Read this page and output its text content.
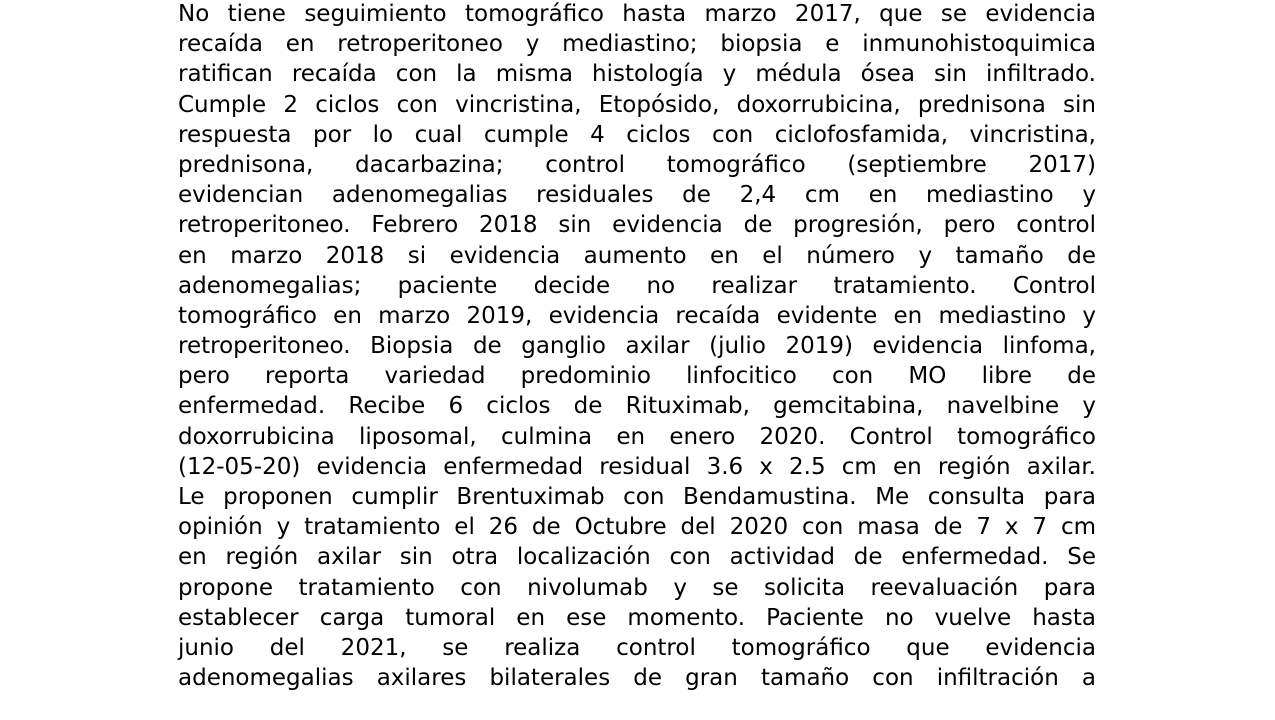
No tiene seguimiento tomográfico hasta marzo 2017, que se evidencia
recaída en retroperitoneo y mediastino; biopsia e inmunohistoquimica
ratifican recaída con la misma histología y médula ósea sin infiltrado.
Cumple 2 ciclos con vincristina, Etopósido, doxorrubicina, prednisona sin
respuesta por lo cual cumple 4 ciclos con ciclofosfamida, vincristina,
prednisona, dacarbazina; control tomográfico (septiembre 2017)
evidencian adenomegalias residuales de 2,4 cm en mediastino y
retroperitoneo. Febrero 2018 sin evidencia de progresión, pero control
en marzo 2018 si evidencia aumento en el número y tamaño de
adenomegalias; paciente decide no realizar tratamiento. Control
tomográfico en marzo 2019, evidencia recaída evidente en mediastino y
retroperitoneo. Biopsia de ganglio axilar (julio 2019) evidencia linfoma,
pero reporta variedad predominio linfocitico con MO libre de
enfermedad. Recibe 6 ciclos de Rituximab, gemcitabina, navelbine y
doxorrubicina liposomal, culmina en enero 2020. Control tomográfico
(12-05-20) evidencia enfermedad residual 3.6 x 2.5 cm en región axilar.
Le proponen cumplir Brentuximab con Bendamustina. Me consulta para
opinión y tratamiento el 26 de Octubre del 2020 con masa de 7 x 7 cm
en región axilar sin otra localización con actividad de enfermedad. Se
propone tratamiento con nivolumab y se solicita reevaluación para
establecer carga tumoral en ese momento. Paciente no vuelve hasta
junio del 2021, se realiza control tomográfico que evidencia
adenomegalias axilares bilaterales de gran tamaño con infiltración a
